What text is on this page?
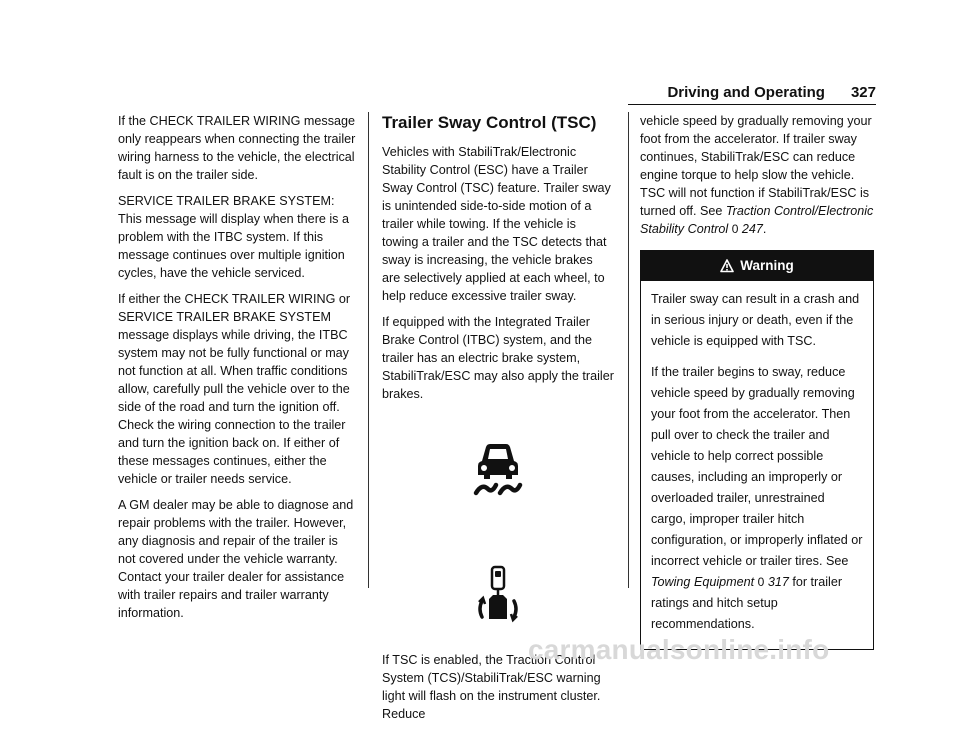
Driving and Operating 327

If the CHECK TRAILER WIRING message only reappears when connecting the trailer wiring harness to the vehicle, the electrical fault is on the trailer side.

SERVICE TRAILER BRAKE SYSTEM: This message will display when there is a problem with the ITBC system. If this message continues over multiple ignition cycles, have the vehicle serviced.

If either the CHECK TRAILER WIRING or SERVICE TRAILER BRAKE SYSTEM message displays while driving, the ITBC system may not be fully functional or may not function at all. When traffic conditions allow, carefully pull the vehicle over to the side of the road and turn the ignition off. Check the wiring connection to the trailer and turn the ignition back on. If either of these messages continues, either the vehicle or trailer needs service.

A GM dealer may be able to diagnose and repair problems with the trailer. However, any diagnosis and repair of the trailer is not covered under the vehicle warranty. Contact your trailer dealer for assistance with trailer repairs and trailer warranty information.

Trailer Sway Control (TSC)

Vehicles with StabiliTrak/Electronic Stability Control (ESC) have a Trailer Sway Control (TSC) feature. Trailer sway is unintended side-to-side motion of a trailer while towing. If the vehicle is towing a trailer and the TSC detects that sway is increasing, the vehicle brakes are selectively applied at each wheel, to help reduce excessive trailer sway.

If equipped with the Integrated Trailer Brake Control (ITBC) system, and the trailer has an electric brake system, StabiliTrak/ESC may also apply the trailer brakes.

If TSC is enabled, the Traction Control System (TCS)/StabiliTrak/ESC warning light will flash on the instrument cluster. Reduce

vehicle speed by gradually removing your foot from the accelerator. If trailer sway continues, StabiliTrak/ESC can reduce engine torque to help slow the vehicle. TSC will not function if StabiliTrak/ESC is turned off. See Traction Control/Electronic Stability Control 0 247.

Warning

Trailer sway can result in a crash and in serious injury or death, even if the vehicle is equipped with TSC.

If the trailer begins to sway, reduce vehicle speed by gradually removing your foot from the accelerator. Then pull over to check the trailer and vehicle to help correct possible causes, including an improperly or overloaded trailer, unrestrained cargo, improper trailer hitch configuration, or improperly inflated or incorrect vehicle or trailer tires. See Towing Equipment 0 317 for trailer ratings and hitch setup recommendations.

carmanualsonline.info
